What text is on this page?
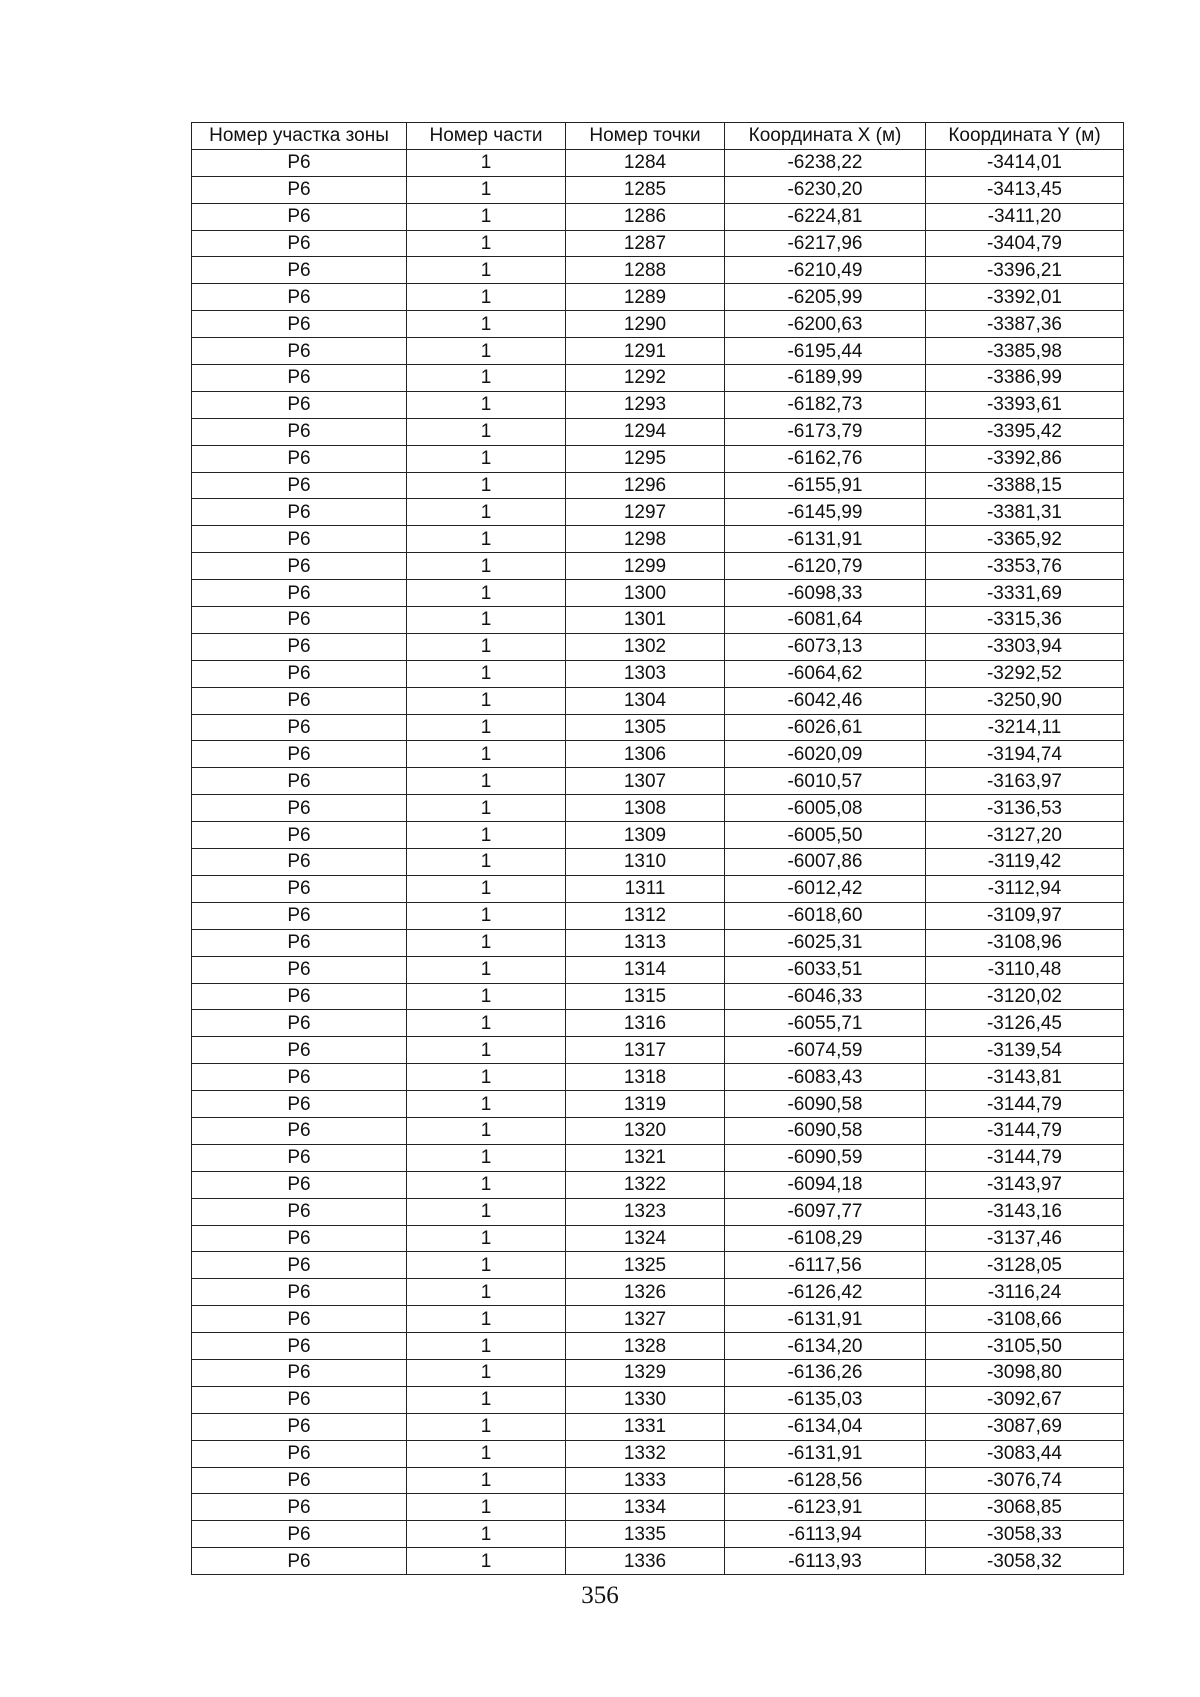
Номер участка зоны	Номер части	Номер точки	Координата X (м)	Координата Y (м)
Р6	1	1284	-6238,22	-3414,01
Р6	1	1285	-6230,20	-3413,45
Р6	1	1286	-6224,81	-3411,20
Р6	1	1287	-6217,96	-3404,79
Р6	1	1288	-6210,49	-3396,21
Р6	1	1289	-6205,99	-3392,01
Р6	1	1290	-6200,63	-3387,36
Р6	1	1291	-6195,44	-3385,98
Р6	1	1292	-6189,99	-3386,99
Р6	1	1293	-6182,73	-3393,61
Р6	1	1294	-6173,79	-3395,42
Р6	1	1295	-6162,76	-3392,86
Р6	1	1296	-6155,91	-3388,15
Р6	1	1297	-6145,99	-3381,31
Р6	1	1298	-6131,91	-3365,92
Р6	1	1299	-6120,79	-3353,76
Р6	1	1300	-6098,33	-3331,69
Р6	1	1301	-6081,64	-3315,36
Р6	1	1302	-6073,13	-3303,94
Р6	1	1303	-6064,62	-3292,52
Р6	1	1304	-6042,46	-3250,90
Р6	1	1305	-6026,61	-3214,11
Р6	1	1306	-6020,09	-3194,74
Р6	1	1307	-6010,57	-3163,97
Р6	1	1308	-6005,08	-3136,53
Р6	1	1309	-6005,50	-3127,20
Р6	1	1310	-6007,86	-3119,42
Р6	1	1311	-6012,42	-3112,94
Р6	1	1312	-6018,60	-3109,97
Р6	1	1313	-6025,31	-3108,96
Р6	1	1314	-6033,51	-3110,48
Р6	1	1315	-6046,33	-3120,02
Р6	1	1316	-6055,71	-3126,45
Р6	1	1317	-6074,59	-3139,54
Р6	1	1318	-6083,43	-3143,81
Р6	1	1319	-6090,58	-3144,79
Р6	1	1320	-6090,58	-3144,79
Р6	1	1321	-6090,59	-3144,79
Р6	1	1322	-6094,18	-3143,97
Р6	1	1323	-6097,77	-3143,16
Р6	1	1324	-6108,29	-3137,46
Р6	1	1325	-6117,56	-3128,05
Р6	1	1326	-6126,42	-3116,24
Р6	1	1327	-6131,91	-3108,66
Р6	1	1328	-6134,20	-3105,50
Р6	1	1329	-6136,26	-3098,80
Р6	1	1330	-6135,03	-3092,67
Р6	1	1331	-6134,04	-3087,69
Р6	1	1332	-6131,91	-3083,44
Р6	1	1333	-6128,56	-3076,74
Р6	1	1334	-6123,91	-3068,85
Р6	1	1335	-6113,94	-3058,33
Р6	1	1336	-6113,93	-3058,32
356
